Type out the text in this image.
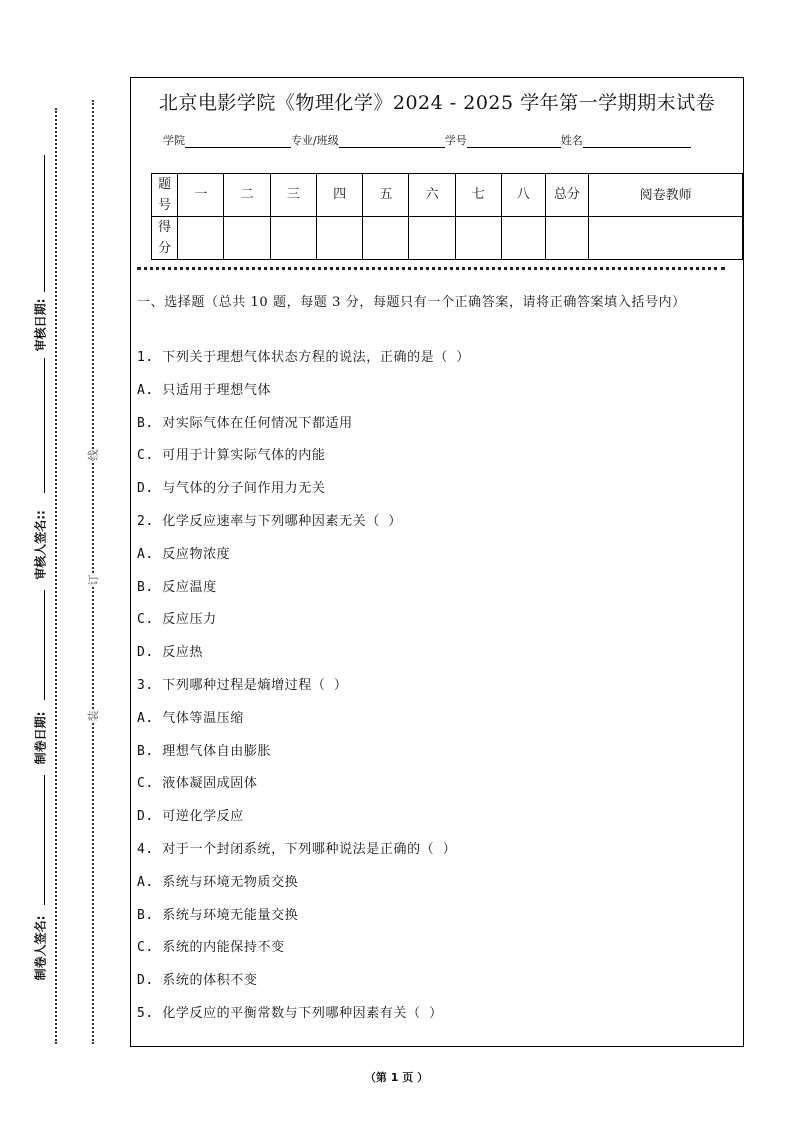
审核日期:
审核人签名::
制卷日期:
制卷人签名:
线
订
装
北京电影学院《物理化学》2024 - 2025 学年第一学期期末试卷
学院	专业/班级	学号	姓名
题号	一	二	三	四	五	六	七	八	总分	阅卷教师
得分										
一、选择题（总共 10 题，每题 3 分，每题只有一个正确答案，请将正确答案填入括号内）
1. 下列关于理想气体状态方程的说法，正确的是（ ）
A. 只适用于理想气体
B. 对实际气体在任何情况下都适用
C. 可用于计算实际气体的内能
D. 与气体的分子间作用力无关
2. 化学反应速率与下列哪种因素无关（ ）
A. 反应物浓度
B. 反应温度
C. 反应压力
D. 反应热
3. 下列哪种过程是熵增过程（ ）
A. 气体等温压缩
B. 理想气体自由膨胀
C. 液体凝固成固体
D. 可逆化学反应
4. 对于一个封闭系统，下列哪种说法是正确的（ ）
A. 系统与环境无物质交换
B. 系统与环境无能量交换
C. 系统的内能保持不变
D. 系统的体积不变
5. 化学反应的平衡常数与下列哪种因素有关（ ）
（第 1 页 ）
